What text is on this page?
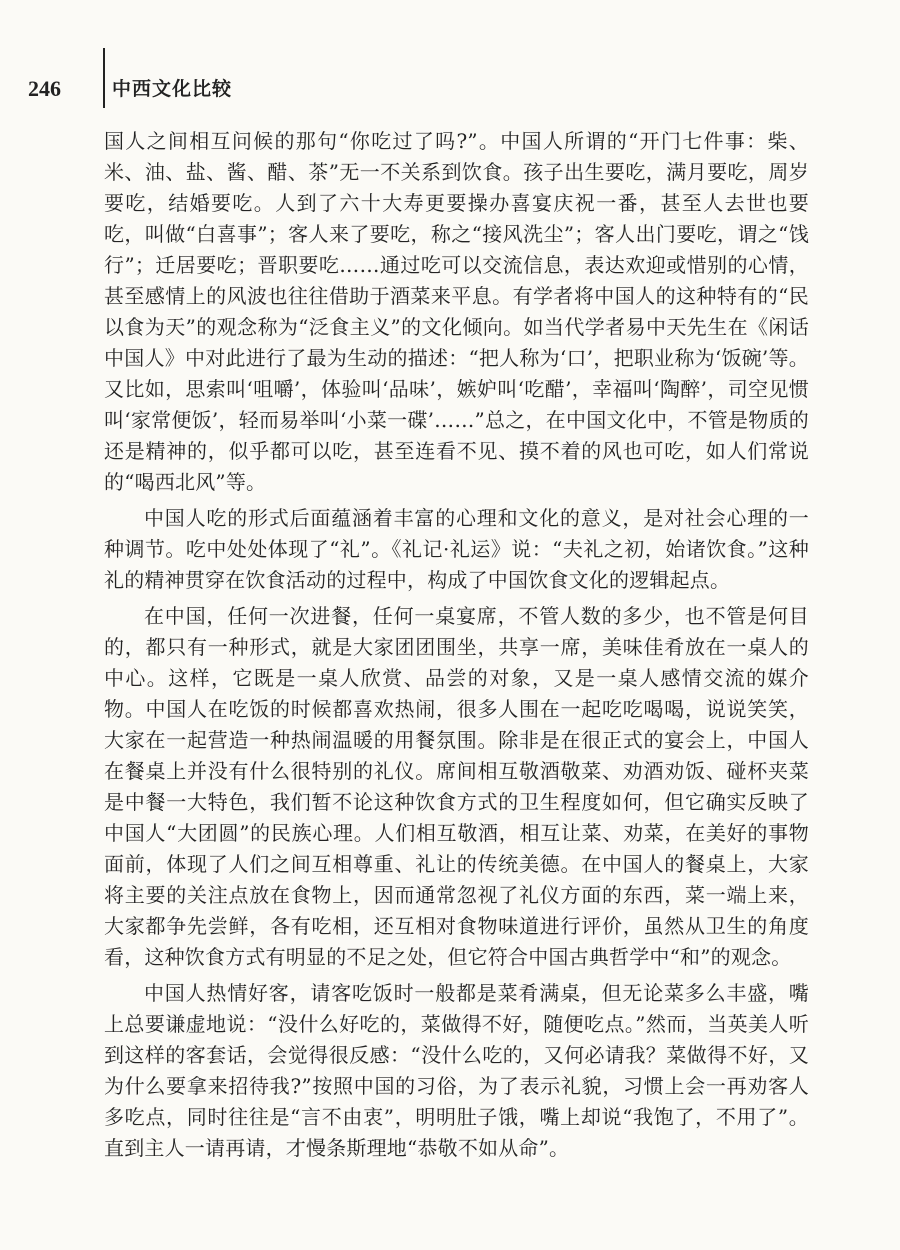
246	中西文化比较

国人之间相互问候的那句“你吃过了吗?”。中国人所谓的“开门七件事：柴、米、油、盐、酱、醋、茶”无一不关系到饮食。孩子出生要吃，满月要吃，周岁要吃，结婚要吃。人到了六十大寿更要操办喜宴庆祝一番，甚至人去世也要吃，叫做“白喜事”；客人来了要吃，称之“接风洗尘”；客人出门要吃，谓之“饯行”；迁居要吃；晋职要吃……通过吃可以交流信息，表达欢迎或惜别的心情，甚至感情上的风波也往往借助于酒菜来平息。有学者将中国人的这种特有的“民以食为天”的观念称为“泛食主义”的文化倾向。如当代学者易中天先生在《闲话中国人》中对此进行了最为生动的描述：“把人称为‘口’，把职业称为‘饭碗’等。又比如，思索叫‘咀嚼’，体验叫‘品味’，嫉妒叫‘吃醋’，幸福叫‘陶醉’，司空见惯叫‘家常便饭’，轻而易举叫‘小菜一碟’……”总之，在中国文化中，不管是物质的还是精神的，似乎都可以吃，甚至连看不见、摸不着的风也可吃，如人们常说的“喝西北风”等。

中国人吃的形式后面蕴涵着丰富的心理和文化的意义，是对社会心理的一种调节。吃中处处体现了“礼”。《礼记·礼运》说：“夫礼之初，始诸饮食。”这种礼的精神贯穿在饮食活动的过程中，构成了中国饮食文化的逻辑起点。

在中国，任何一次进餐，任何一桌宴席，不管人数的多少，也不管是何目的，都只有一种形式，就是大家团团围坐，共享一席，美味佳肴放在一桌人的中心。这样，它既是一桌人欣赏、品尝的对象，又是一桌人感情交流的媒介物。中国人在吃饭的时候都喜欢热闹，很多人围在一起吃吃喝喝，说说笑笑，大家在一起营造一种热闹温暖的用餐氛围。除非是在很正式的宴会上，中国人在餐桌上并没有什么很特别的礼仪。席间相互敬酒敬菜、劝酒劝饭、碰杯夹菜是中餐一大特色，我们暂不论这种饮食方式的卫生程度如何，但它确实反映了中国人“大团圆”的民族心理。人们相互敬酒，相互让菜、劝菜，在美好的事物面前，体现了人们之间互相尊重、礼让的传统美德。在中国人的餐桌上，大家将主要的关注点放在食物上，因而通常忽视了礼仪方面的东西，菜一端上来，大家都争先尝鲜，各有吃相，还互相对食物味道进行评价，虽然从卫生的角度看，这种饮食方式有明显的不足之处，但它符合中国古典哲学中“和”的观念。

中国人热情好客，请客吃饭时一般都是菜肴满桌，但无论菜多么丰盛，嘴上总要谦虚地说：“没什么好吃的，菜做得不好，随便吃点。”然而，当英美人听到这样的客套话，会觉得很反感：“没什么吃的，又何必请我？菜做得不好，又为什么要拿来招待我?”按照中国的习俗，为了表示礼貌，习惯上会一再劝客人多吃点，同时往往是“言不由衷”，明明肚子饿，嘴上却说“我饱了，不用了”。直到主人一请再请，才慢条斯理地“恭敬不如从命”。
